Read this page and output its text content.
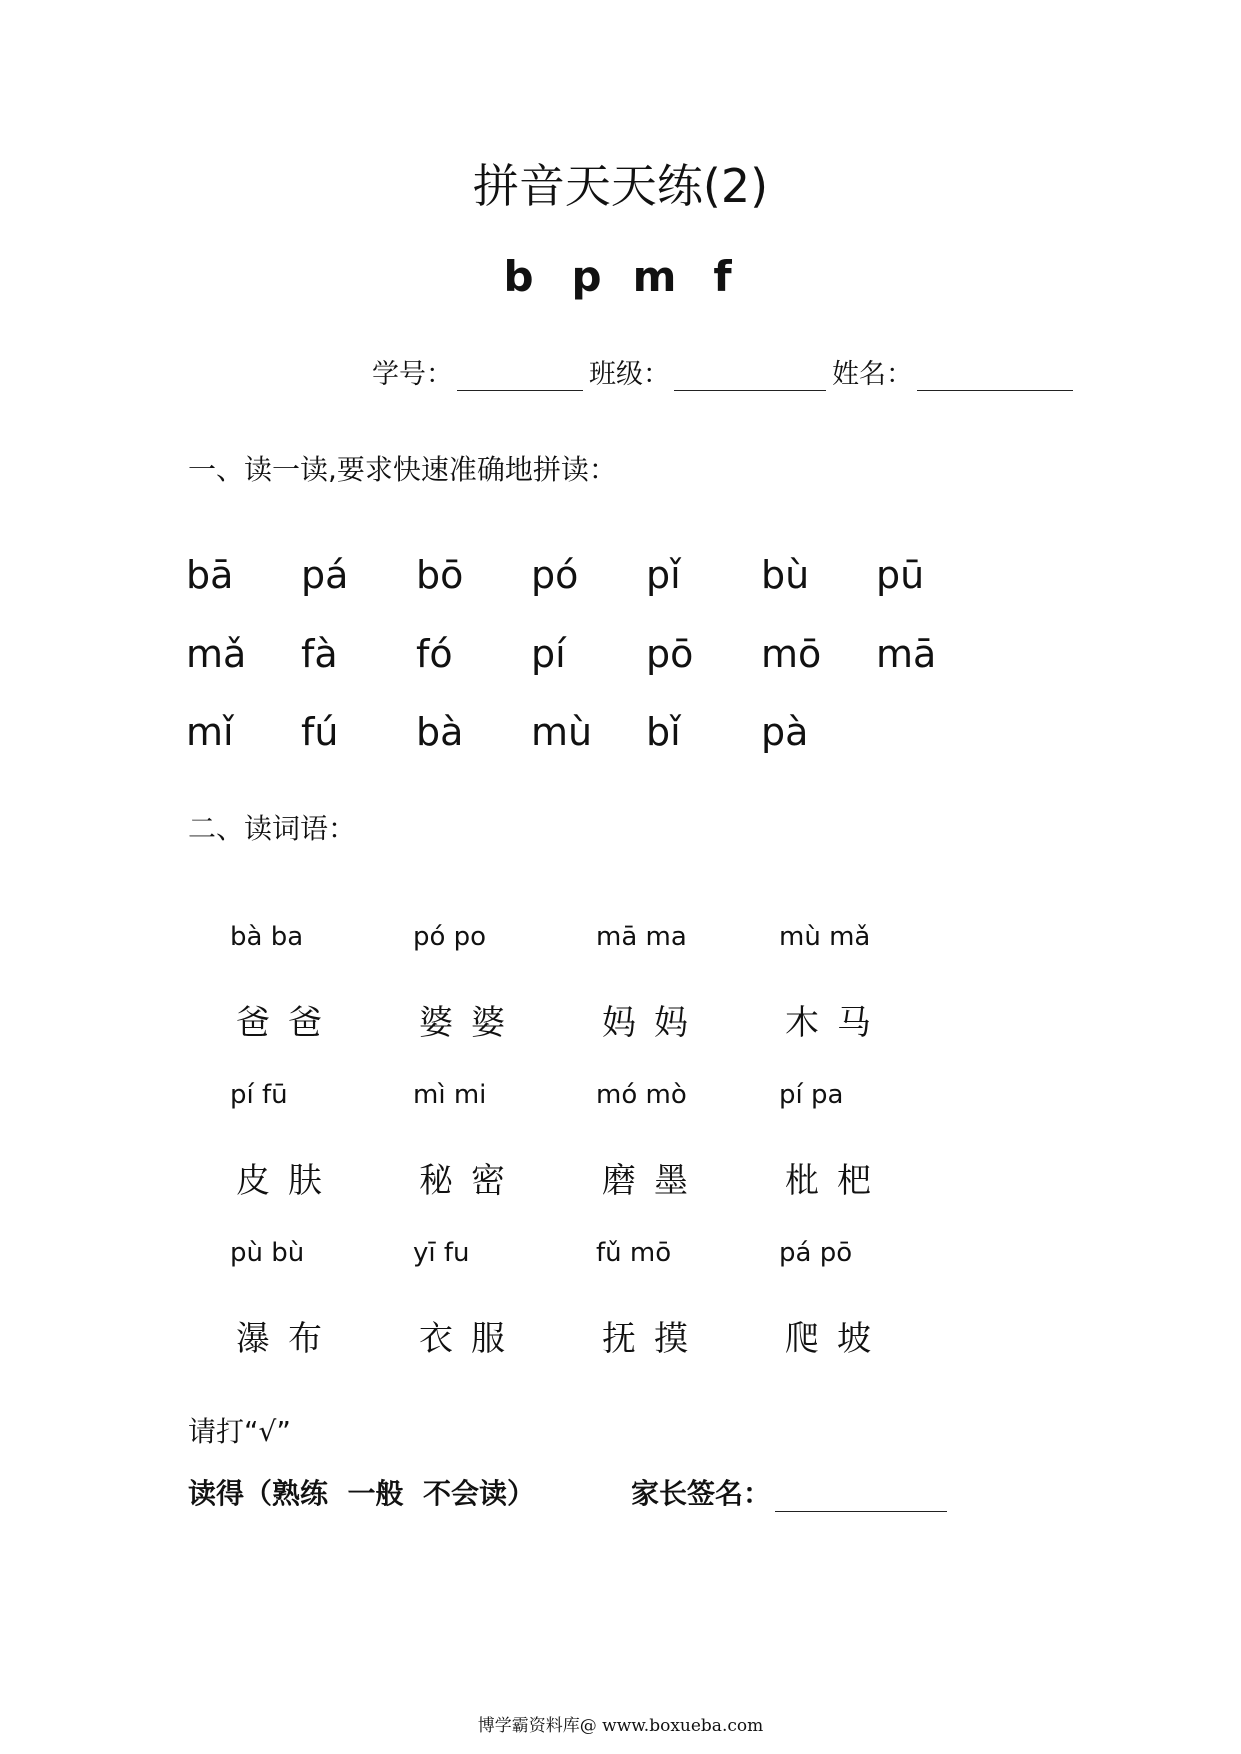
拼音天天练(2)
b p m f
学号：	班级：	姓名：
一、读一读,要求快速准确地拼读：
bā	pá	bō	pó	pǐ	bù	pū
mǎ	fà	fó	pí	pō	mō	mā
mǐ	fú	bà	mù	bǐ	pà
二、读词语：
bà ba	pó po	mā ma	mù mǎ
爸爸	婆婆	妈妈	木马
pí fū	mì mi	mó mò	pí pa
皮肤	秘密	磨墨	枇杷
pù bù	yī fu	fǔ mō	pá pō
瀑布	衣服	抚摸	爬坡
请打“√”
读得（熟练  一般  不会读）	家长签名：
博学霸资料库@ www.boxueba.com
